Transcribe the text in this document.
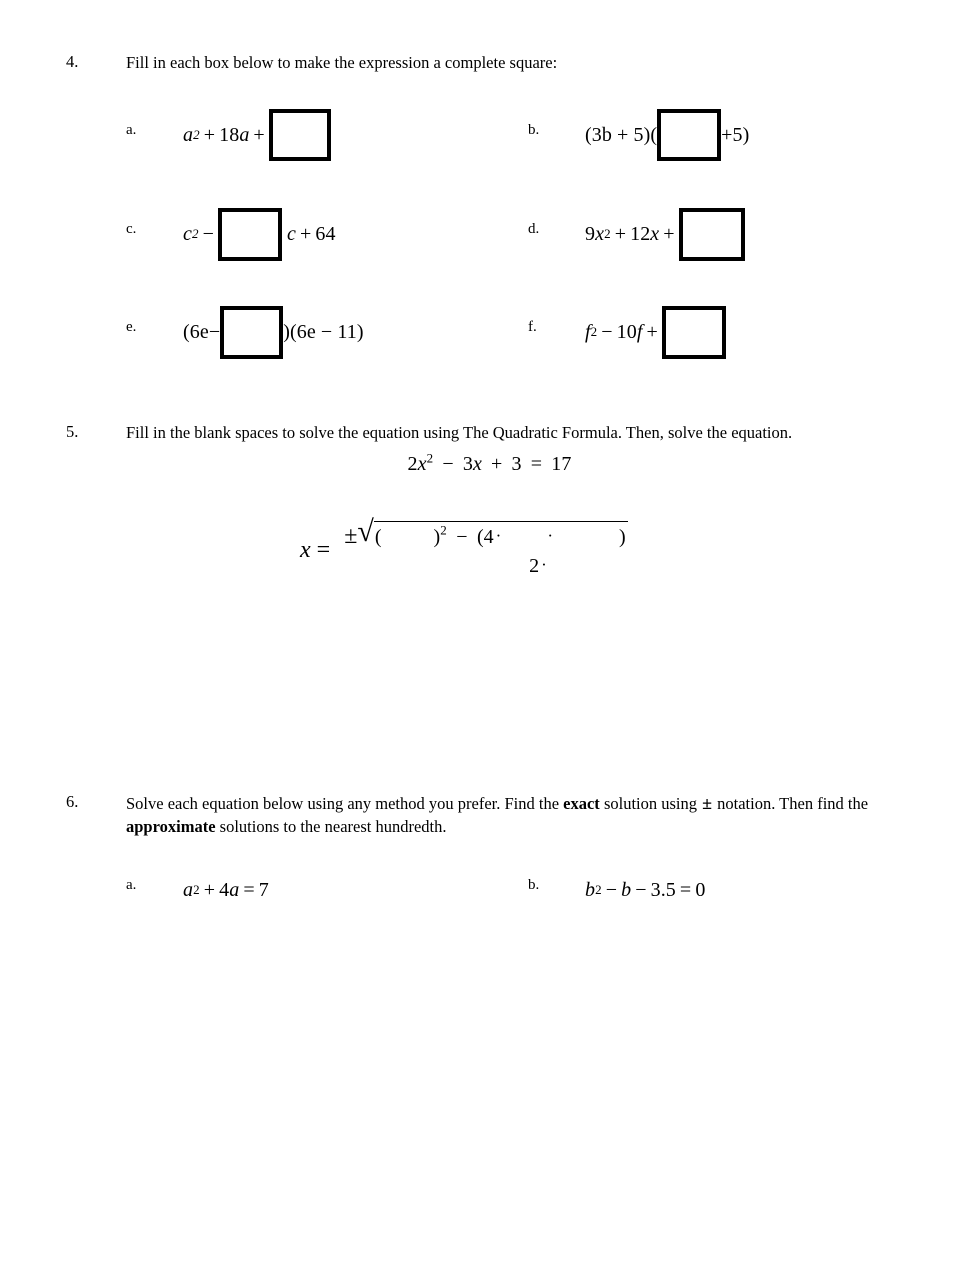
4.	Fill in each box below to make the expression a complete square:
a. a 2 + 18 a +	b. (3b + 5)(	+5)
c. c 2 −	c + 64	d. 9 x 2 + 12 x +
e. (6e−	)(6e − 11)	f. f 2 − 10 f +
5.	Fill in the blank spaces to solve the equation using The Quadratic Formula. Then, solve the equation.
$2x^2 - 3x + 3 = 17$
x =
± √ (	)$^2$ − (4 ·	·	)
2 ·
6.	Solve each equation below using any method you prefer. Find the exact solution using ± notation. Then find the approximate solutions to the nearest hundredth.
a. a 2 + 4 a = 7	b. b 2 − b − 3.5 = 0
